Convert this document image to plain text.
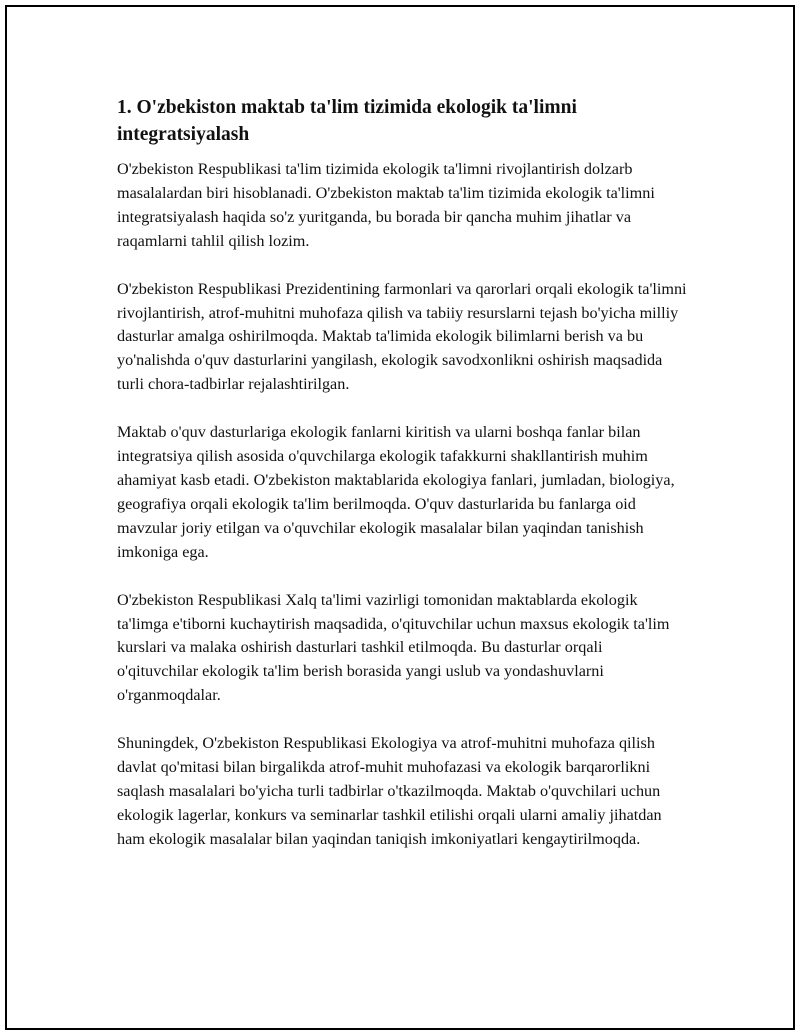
1. O'zbekiston maktab ta'lim tizimida ekologik ta'limni integratsiyalash

O'zbekiston Respublikasi ta'lim tizimida ekologik ta'limni rivojlantirish dolzarb masalalardan biri hisoblanadi. O'zbekiston maktab ta'lim tizimida ekologik ta'limni integratsiyalash haqida so'z yuritganda, bu borada bir qancha muhim jihatlar va raqamlarni tahlil qilish lozim.

O'zbekiston Respublikasi Prezidentining farmonlari va qarorlari orqali ekologik ta'limni rivojlantirish, atrof-muhitni muhofaza qilish va tabiiy resurslarni tejash bo'yicha milliy dasturlar amalga oshirilmoqda. Maktab ta'limida ekologik bilimlarni berish va bu yo'nalishda o'quv dasturlarini yangilash, ekologik savodxonlikni oshirish maqsadida turli chora-tadbirlar rejalashtirilgan.

Maktab o'quv dasturlariga ekologik fanlarni kiritish va ularni boshqa fanlar bilan integratsiya qilish asosida o'quvchilarga ekologik tafakkurni shakllantirish muhim ahamiyat kasb etadi. O'zbekiston maktablarida ekologiya fanlari, jumladan, biologiya, geografiya orqali ekologik ta'lim berilmoqda. O'quv dasturlarida bu fanlarga oid mavzular joriy etilgan va o'quvchilar ekologik masalalar bilan yaqindan tanishish imkoniga ega.

O'zbekiston Respublikasi Xalq ta'limi vazirligi tomonidan maktablarda ekologik ta'limga e'tiborni kuchaytirish maqsadida, o'qituvchilar uchun maxsus ekologik ta'lim kurslari va malaka oshirish dasturlari tashkil etilmoqda. Bu dasturlar orqali o'qituvchilar ekologik ta'lim berish borasida yangi uslub va yondashuvlarni o'rganmoqdalar.

Shuningdek, O'zbekiston Respublikasi Ekologiya va atrof-muhitni muhofaza qilish davlat qo'mitasi bilan birgalikda atrof-muhit muhofazasi va ekologik barqarorlikni saqlash masalalari bo'yicha turli tadbirlar o'tkazilmoqda. Maktab o'quvchilari uchun ekologik lagerlar, konkurs va seminarlar tashkil etilishi orqali ularni amaliy jihatdan ham ekologik masalalar bilan yaqindan taniqish imkoniyatlari kengaytirilmoqda.
